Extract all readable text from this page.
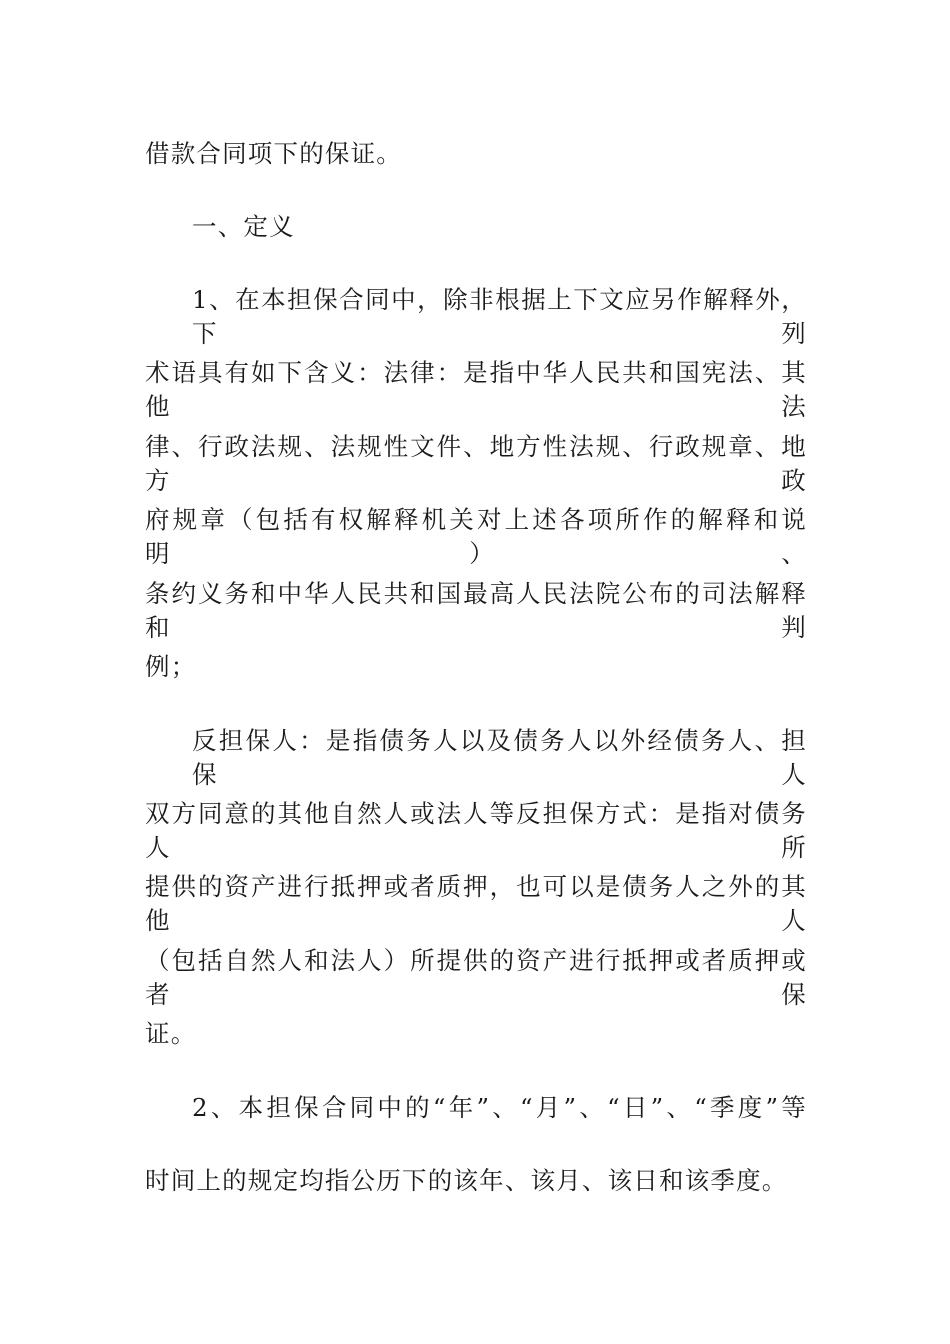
借款合同项下的保证。
一、定义
1、在本担保合同中，除非根据上下文应另作解释外，下列
术语具有如下含义：法律：是指中华人民共和国宪法、其他法
律、行政法规、法规性文件、地方性法规、行政规章、地方政
府规章（包括有权解释机关对上述各项所作的解释和说明）、
条约义务和中华人民共和国最高人民法院公布的司法解释和判
例；
反担保人：是指债务人以及债务人以外经债务人、担保人
双方同意的其他自然人或法人等反担保方式：是指对债务人所
提供的资产进行抵押或者质押，也可以是债务人之外的其他人
（包括自然人和法人）所提供的资产进行抵押或者质押或者保
证。
2、本担保合同中的“年”、“月”、“日”、“季度”等
时间上的规定均指公历下的该年、该月、该日和该季度。
